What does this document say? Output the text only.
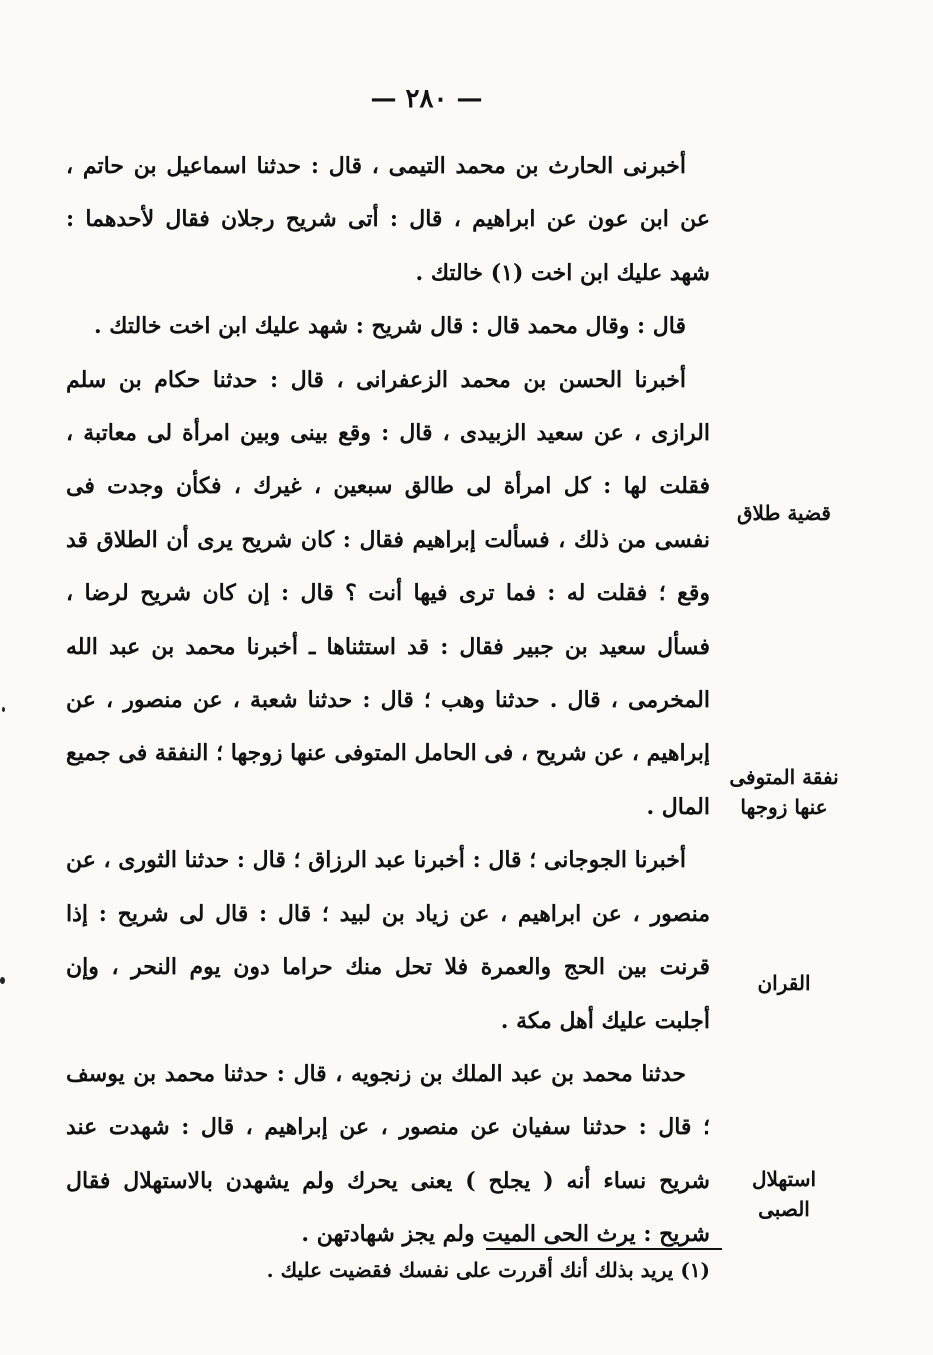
— ٢٨٠ —

أخبرنى الحارث بن محمد التيمى ، قال : حدثنا اسماعيل بن حاتم ، عن ابن عون عن ابراهيم ، قال : أتى شريح رجلان فقال لأحدهما : شهد عليك ابن اخت (١) خالتك .

قال : وقال محمد قال : قال شريح : شهد عليك ابن اخت خالتك .

أخبرنا الحسن بن محمد الزعفرانى ، قال : حدثنا حكام بن سلم الرازى ، عن سعيد الزبيدى ، قال : وقع بينى وبين امرأة لى معاتبة ، فقلت لها : كل امرأة لى طالق سبعين ، غيرك ، فكأن وجدت فى نفسى من ذلك ، فسألت إبراهيم فقال : كان شريح يرى أن الطلاق قد وقع ؛ فقلت له : فما ترى فيها أنت ؟ قال : إن كان شريح لرضا ، فسأل سعيد بن جبير فقال : قد استثناها ـ أخبرنا محمد بن عبد الله المخرمى ، قال . حدثنا وهب ؛ قال : حدثنا شعبة ، عن منصور ، عن إبراهيم ، عن شريح ، فى الحامل المتوفى عنها زوجها ؛ النفقة فى جميع المال .

أخبرنا الجوجانى ؛ قال : أخبرنا عبد الرزاق ؛ قال : حدثنا الثورى ، عن منصور ، عن ابراهيم ، عن زياد بن لبيد ؛ قال : قال لى شريح : إذا قرنت بين الحج والعمرة فلا تحل منك حراما دون يوم النحر ، وإن أجلبت عليك أهل مكة .

حدثنا محمد بن عبد الملك بن زنجويه ، قال : حدثنا محمد بن يوسف ؛ قال : حدثنا سفيان عن منصور ، عن إبراهيم ، قال : شهدت عند شريح نساء أنه ( يجلح ) يعنى يحرك ولم يشهدن بالاستهلال فقال شريح : يرث الحى الميت ولم يجز شهادتهن .

قضية طلاق
نفقة المتوفى
عنها زوجها
القران
استهلال الصبى
(١) يريد بذلك أنك أقررت على نفسك فقضيت عليك .
